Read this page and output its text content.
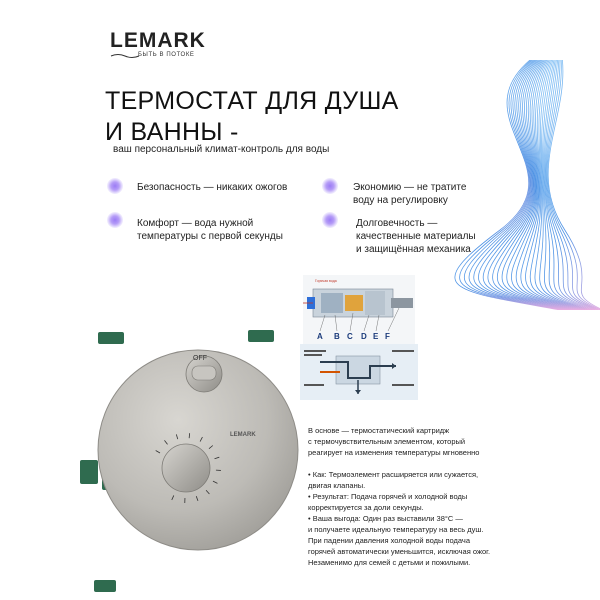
LEMARK
БЫТЬ В ПОТОКЕ
ТЕРМОСТАТ ДЛЯ ДУША
И ВАННЫ -
ваш персональный климат-контроль для воды
Безопасность — никаких ожогов	Экономию — не тратите
воду на регулировку
Комфорт — вода нужной
температуры с первой секунды
Долговечность —
качественные материалы
и защищённая механика
Горячая вода
A B C D E F
OFF
LEMARK	В основе — термостатический картридж
с термочувствительным элементом, который
реагирует на изменения температуры мгновенно

• Как: Термоэлемент расширяется или сужается,
двигая клапаны.
• Результат: Подача горячей и холодной воды
корректируется за доли секунды.
• Ваша выгода: Один раз выставили 38°C —
и получаете идеальную температуру на весь душ.
При падении давления холодной воды подача
горячей автоматически уменьшится, исключая ожог.
Незаменимо для семей с детьми и пожилыми.
